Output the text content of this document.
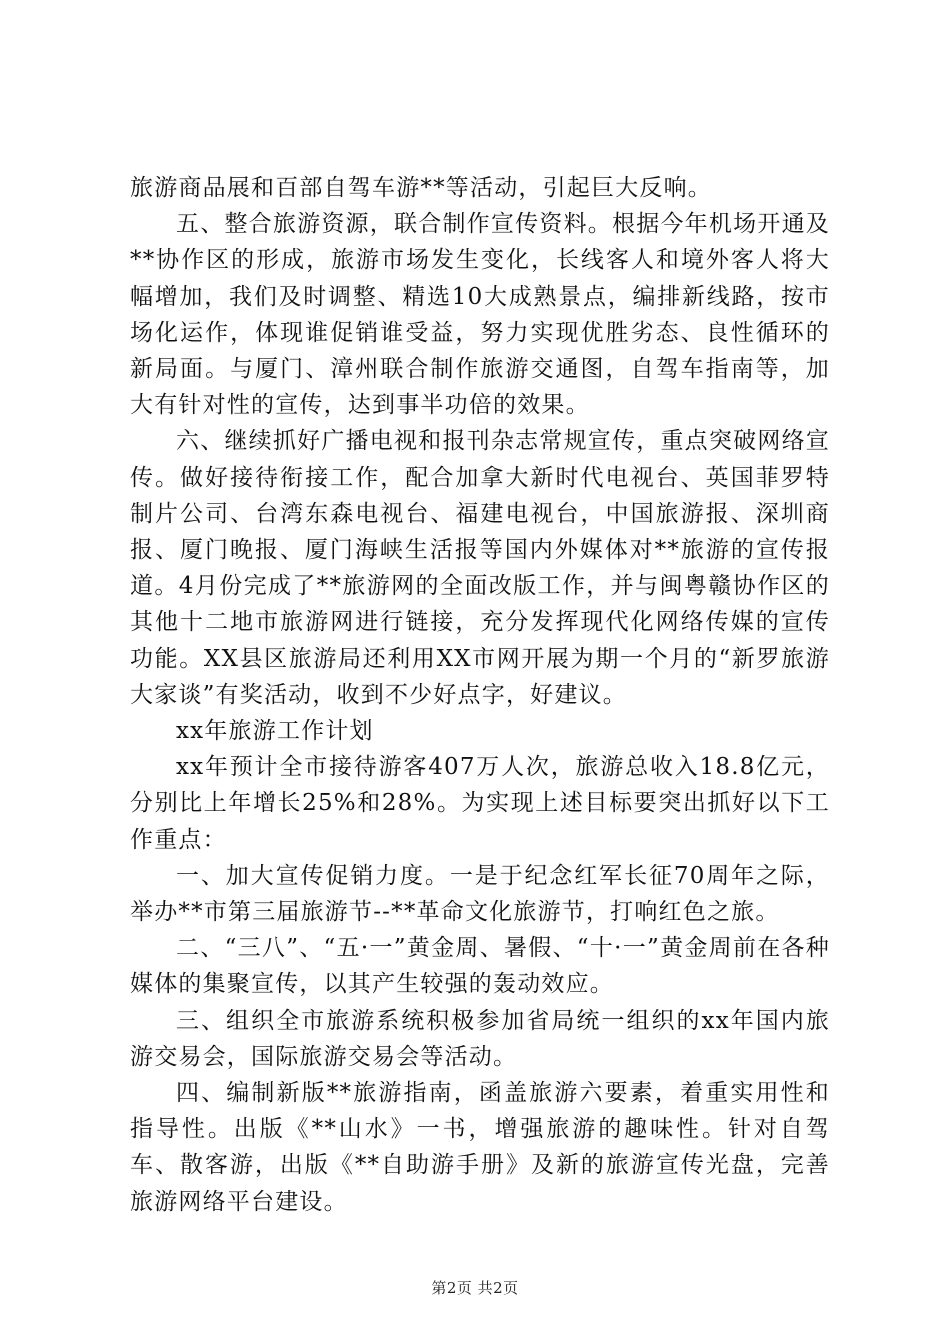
旅游商品展和百部自驾车游**等活动，引起巨大反响。

五、整合旅游资源，联合制作宣传资料。根据今年机场开通及**协作区的形成，旅游市场发生变化，长线客人和境外客人将大幅增加，我们及时调整、精选10大成熟景点，编排新线路，按市场化运作，体现谁促销谁受益，努力实现优胜劣态、良性循环的新局面。与厦门、漳州联合制作旅游交通图，自驾车指南等，加大有针对性的宣传，达到事半功倍的效果。

六、继续抓好广播电视和报刊杂志常规宣传，重点突破网络宣传。做好接待衔接工作，配合加拿大新时代电视台、英国菲罗特制片公司、台湾东森电视台、福建电视台，中国旅游报、深圳商报、厦门晚报、厦门海峡生活报等国内外媒体对**旅游的宣传报道。4月份完成了**旅游网的全面改版工作，并与闽粤赣协作区的其他十二地市旅游网进行链接，充分发挥现代化网络传媒的宣传功能。XX县区旅游局还利用XX市网开展为期一个月的“新罗旅游大家谈”有奖活动，收到不少好点字，好建议。

xx年旅游工作计划

xx年预计全市接待游客407万人次，旅游总收入18.8亿元，分别比上年增长25%和28%。为实现上述目标要突出抓好以下工作重点：

一、加大宣传促销力度。一是于纪念红军长征70周年之际，举办**市第三届旅游节--**革命文化旅游节，打响红色之旅。

二、“三八”、“五·一”黄金周、暑假、“十·一”黄金周前在各种媒体的集聚宣传，以其产生较强的轰动效应。

三、组织全市旅游系统积极参加省局统一组织的xx年国内旅游交易会，国际旅游交易会等活动。

四、编制新版**旅游指南，函盖旅游六要素，着重实用性和指导性。出版《**山水》一书，增强旅游的趣味性。针对自驾车、散客游，出版《**自助游手册》及新的旅游宣传光盘，完善旅游网络平台建设。

第2页 共2页
